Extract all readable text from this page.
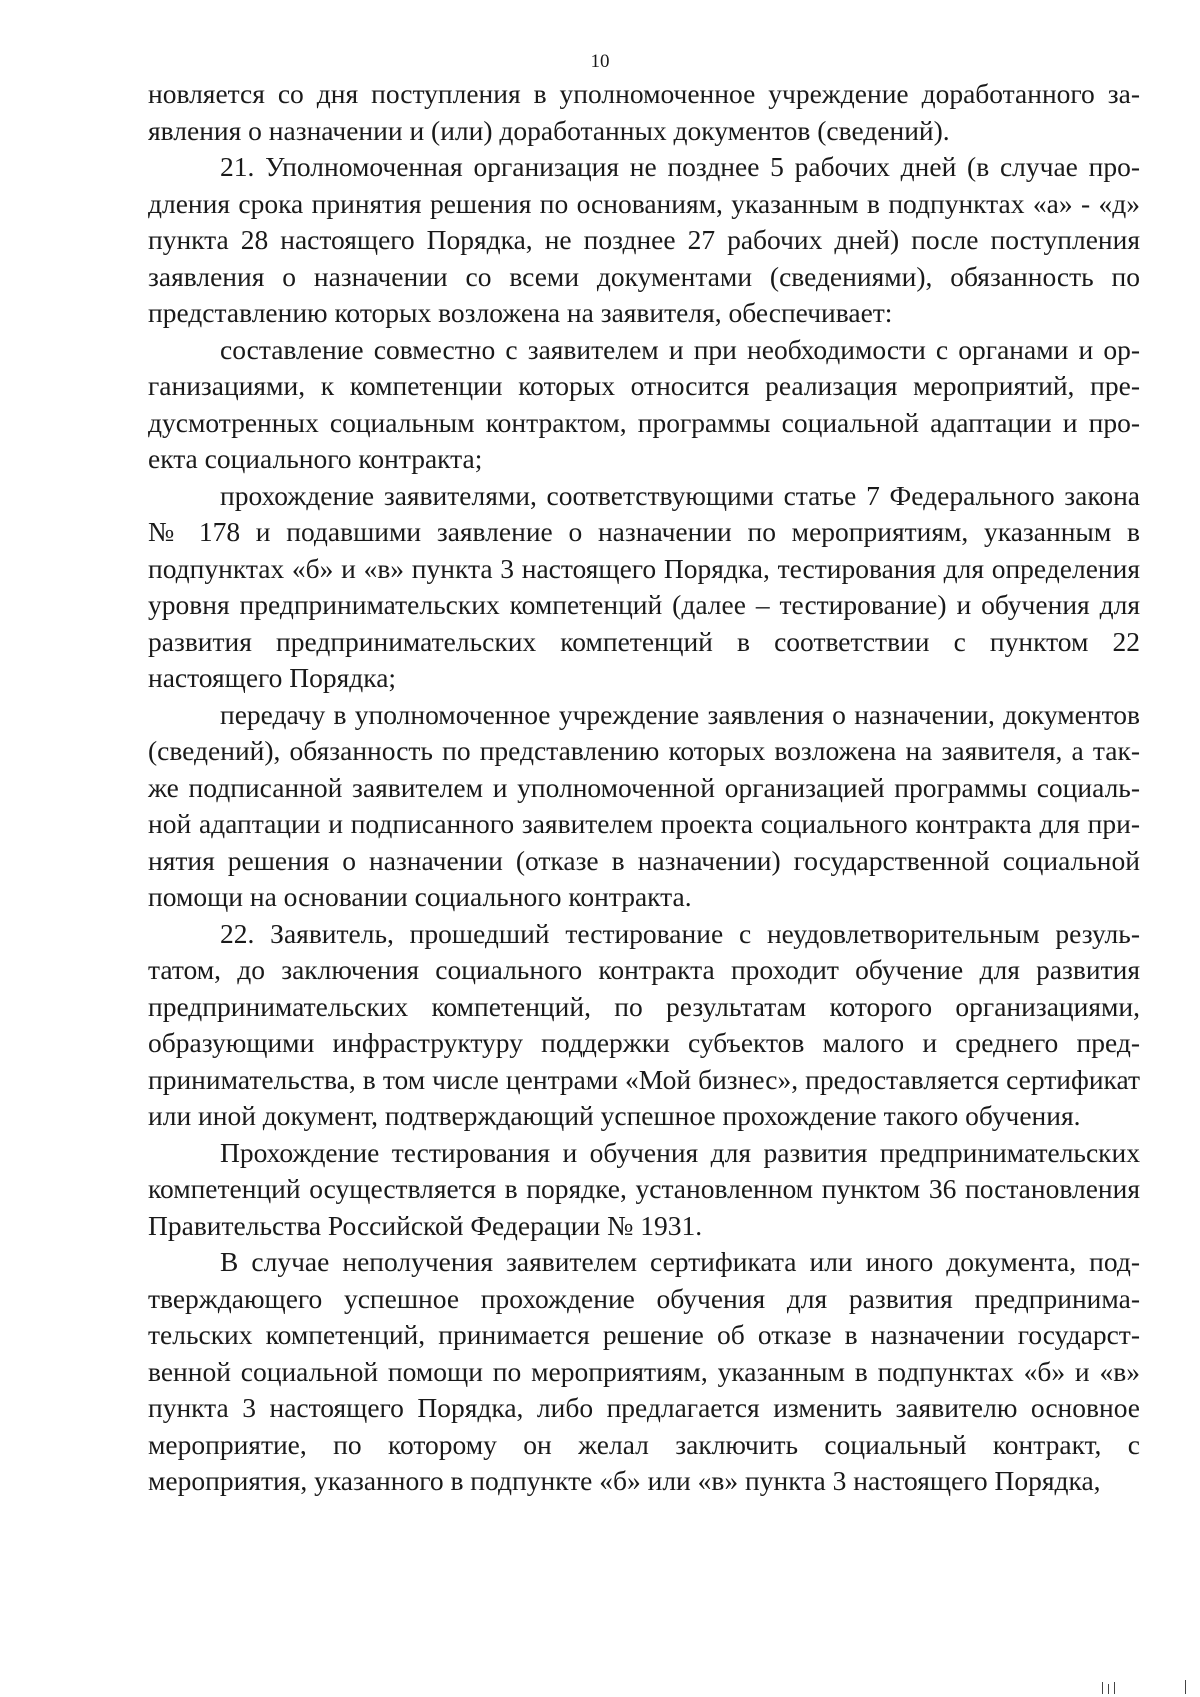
10

новляется со дня поступления в уполномоченное учреждение доработанного заявления о назначении и (или) доработанных документов (сведений).

21. Уполномоченная организация не позднее 5 рабочих дней (в случае продления срока принятия решения по основаниям, указанным в подпунктах «а» - «д» пункта 28 настоящего Порядка, не позднее 27 рабочих дней) после поступления заявления о назначении со всеми документами (сведениями), обязанность по представлению которых возложена на заявителя, обеспечивает:

составление совместно с заявителем и при необходимости с органами и организациями, к компетенции которых относится реализация мероприятий, предусмотренных социальным контрактом, программы социальной адаптации и проекта социального контракта;

прохождение заявителями, соответствующими статье 7 Федерального закона № 178 и подавшими заявление о назначении по мероприятиям, указанным в подпунктах «б» и «в» пункта 3 настоящего Порядка, тестирования для определения уровня предпринимательских компетенций (далее – тестирование) и обучения для развития предпринимательских компетенций в соответствии с пунктом 22 настоящего Порядка;

передачу в уполномоченное учреждение заявления о назначении, документов (сведений), обязанность по представлению которых возложена на заявителя, а также подписанной заявителем и уполномоченной организацией программы социальной адаптации и подписанного заявителем проекта социального контракта для принятия решения о назначении (отказе в назначении) государственной социальной помощи на основании социального контракта.

22. Заявитель, прошедший тестирование с неудовлетворительным результатом, до заключения социального контракта проходит обучение для развития предпринимательских компетенций, по результатам которого организациями, образующими инфраструктуру поддержки субъектов малого и среднего предпринимательства, в том числе центрами «Мой бизнес», предоставляется сертификат или иной документ, подтверждающий успешное прохождение такого обучения.

Прохождение тестирования и обучения для развития предпринимательских компетенций осуществляется в порядке, установленном пунктом 36 постановления Правительства Российской Федерации № 1931.

В случае неполучения заявителем сертификата или иного документа, подтверждающего успешное прохождение обучения для развития предпринимательских компетенций, принимается решение об отказе в назначении государственной социальной помощи по мероприятиям, указанным в подпунктах «б» и «в» пункта 3 настоящего Порядка, либо предлагается изменить заявителю основное мероприятие, по которому он желал заключить социальный контракт, с мероприятия, указанного в подпункте «б» или «в» пункта 3 настоящего Порядка,
